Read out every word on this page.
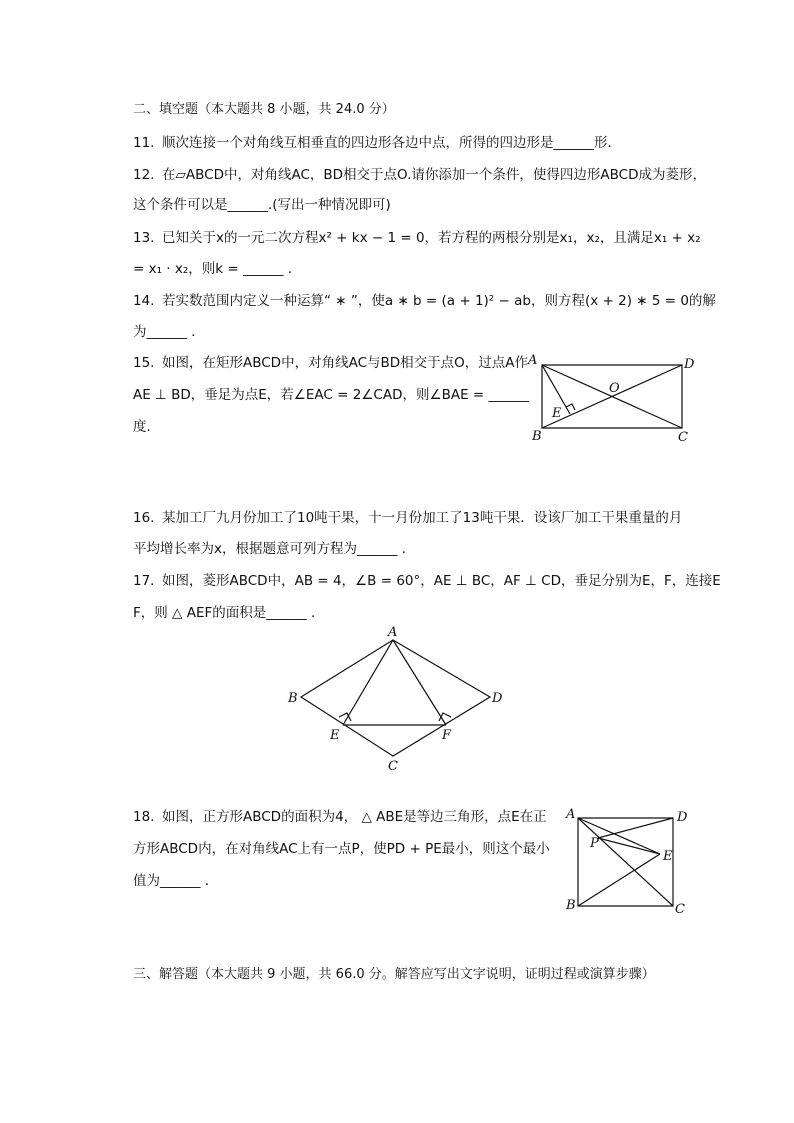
二、填空题（本大题共 8 小题，共 24.0 分）
11. 顺次连接一个对角线互相垂直的四边形各边中点，所得的四边形是______形．
12. 在▱ABCD中，对角线AC，BD相交于点O.请你添加一个条件，使得四边形ABCD成为菱形，
这个条件可以是______.(写出一种情况即可)
13. 已知关于x的一元二次方程x² + kx − 1 = 0，若方程的两根分别是x₁，x₂，且满足x₁ + x₂
= x₁ · x₂，则k = ______ ．
14. 若实数范围内定义一种运算“ ∗ ”，使a ∗ b = (a + 1)² − ab，则方程(x + 2) ∗ 5 = 0的解
为______ ．
15. 如图，在矩形ABCD中，对角线AC与BD相交于点O，过点A作
AE ⊥ BD，垂足为点E，若∠EAC = 2∠CAD，则∠BAE = ______
度．
A	D
B	C
E
O
16. 某加工厂九月份加工了10吨干果，十一月份加工了13吨干果．设该厂加工干果重量的月
平均增长率为x，根据题意可列方程为______ ．
17. 如图，菱形ABCD中，AB = 4，∠B = 60°，AE ⊥ BC，AF ⊥ CD，垂足分别为E，F，连接E
F，则 △ AEF的面积是______ ．
A
B	D
E	F
C
18. 如图，正方形ABCD的面积为4， △ ABE是等边三角形，点E在正
方形ABCD内，在对角线AC上有一点P，使PD + PE最小，则这个最小
值为______ ．
A	D
B	C
E
P
三、解答题（本大题共 9 小题，共 66.0 分。解答应写出文字说明，证明过程或演算步骤）
